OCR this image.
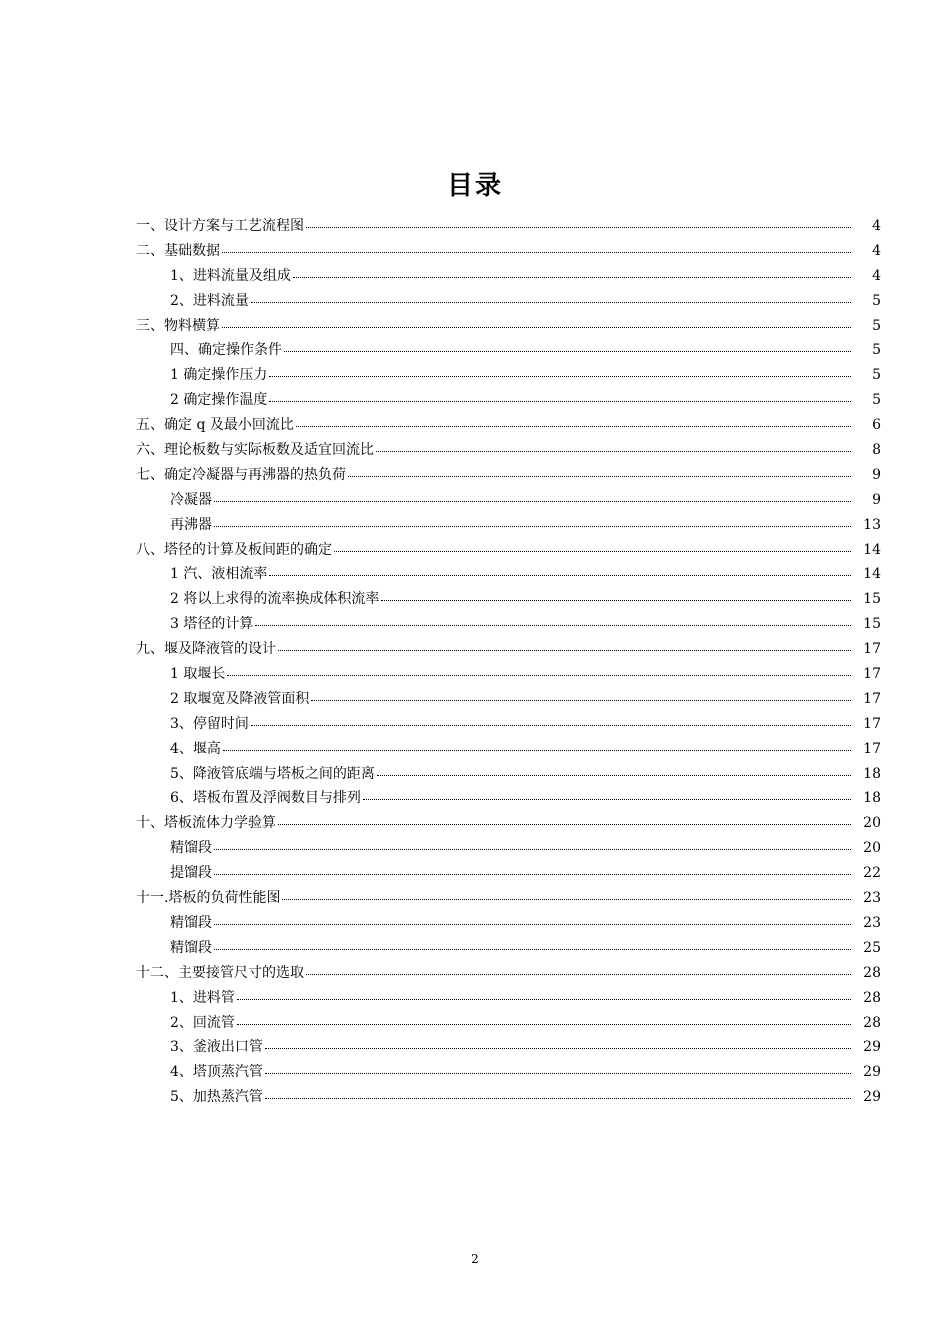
目录
一、设计方案与工艺流程图	4
二、基础数据	4
1、进料流量及组成	4
2、进料流量	5
三、物料横算	5
四、确定操作条件	5
1 确定操作压力	5
2 确定操作温度	5
五、确定 q 及最小回流比	6
六、理论板数与实际板数及适宜回流比	8
七、确定冷凝器与再沸器的热负荷	9
冷凝器	9
再沸器	13
八、塔径的计算及板间距的确定	14
1 汽、液相流率	14
2 将以上求得的流率换成体积流率	15
3 塔径的计算	15
九、堰及降液管的设计	17
1 取堰长	17
2 取堰宽及降液管面积	17
3、停留时间	17
4、堰高	17
5、降液管底端与塔板之间的距离	18
6、塔板布置及浮阀数目与排列	18
十、塔板流体力学验算	20
精馏段	20
提馏段	22
十一.塔板的负荷性能图	23
精馏段	23
精馏段	25
十二、主要接管尺寸的选取	28
1、进料管	28
2、回流管	28
3、釜液出口管	29
4、塔顶蒸汽管	29
5、加热蒸汽管	29
2
